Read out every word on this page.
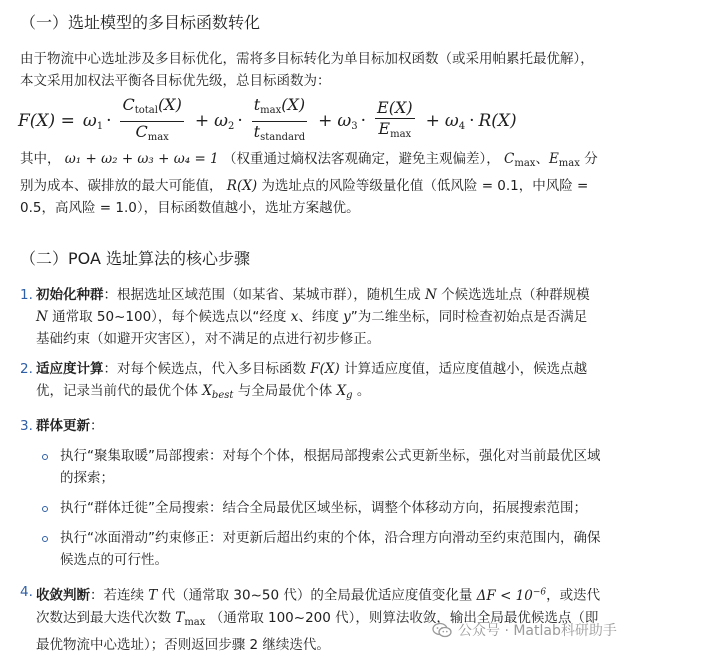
（一）选址模型的多目标函数转化

由于物流中心选址涉及多目标优化，需将多目标转化为单目标加权函数（或采用帕累托最优解），
本文采用加权法平衡各目标优先级，总目标函数为：

$F(X) = \omega_1 \cdot \frac{C_{total}(X)}{C_{max}} + \omega_2 \cdot \frac{t_{max}(X)}{t_{standard}} + \omega_3 \cdot \frac{E(X)}{E_{max}} + \omega_4 \cdot R(X)$

其中， ω₁ + ω₂ + ω₃ + ω₄ = 1 （权重通过熵权法客观确定，避免主观偏差）， $C_{max}$、$E_{max}$ 分
别为成本、碳排放的最大可能值， R(X) 为选址点的风险等级量化值（低风险 = 0.1，中风险 =
0.5，高风险 = 1.0），目标函数值越小，选址方案越优。

（二）POA 选址算法的核心步骤
1. 初始化种群：根据选址区域范围（如某省、某城市群），随机生成 N 个候选选址点（种群规模
N 通常取 50~100），每个候选点以“经度 x、纬度 y”为二维坐标，同时检查初始点是否满足
基础约束（如避开灾害区），对不满足的点进行初步修正。
2. 适应度计算：对每个候选点，代入多目标函数 F(X) 计算适应度值，适应度值越小，候选点越
优，记录当前代的最优个体 $X_{best}$ 与全局最优个体 $X_g$ 。
3. 群体更新：
执行“聚集取暖”局部搜索：对每个个体，根据局部搜索公式更新坐标，强化对当前最优区域
的探索；
执行“群体迁徙”全局搜索：结合全局最优区域坐标，调整个体移动方向，拓展搜索范围；
执行“冰面滑动”约束修正：对更新后超出约束的个体，沿合理方向滑动至约束范围内，确保
候选点的可行性。
4. 收敛判断：若连续 T 代（通常取 30~50 代）的全局最优适应度值变化量 $\Delta F < 10^{-6}$，或迭代
次数达到最大迭代次数 $T_{max}$ （通常取 100~200 代），则算法收敛，输出全局最优候选点（即
最优物流中心选址）；否则返回步骤 2 继续迭代。
公众号 · Matlab科研助手
